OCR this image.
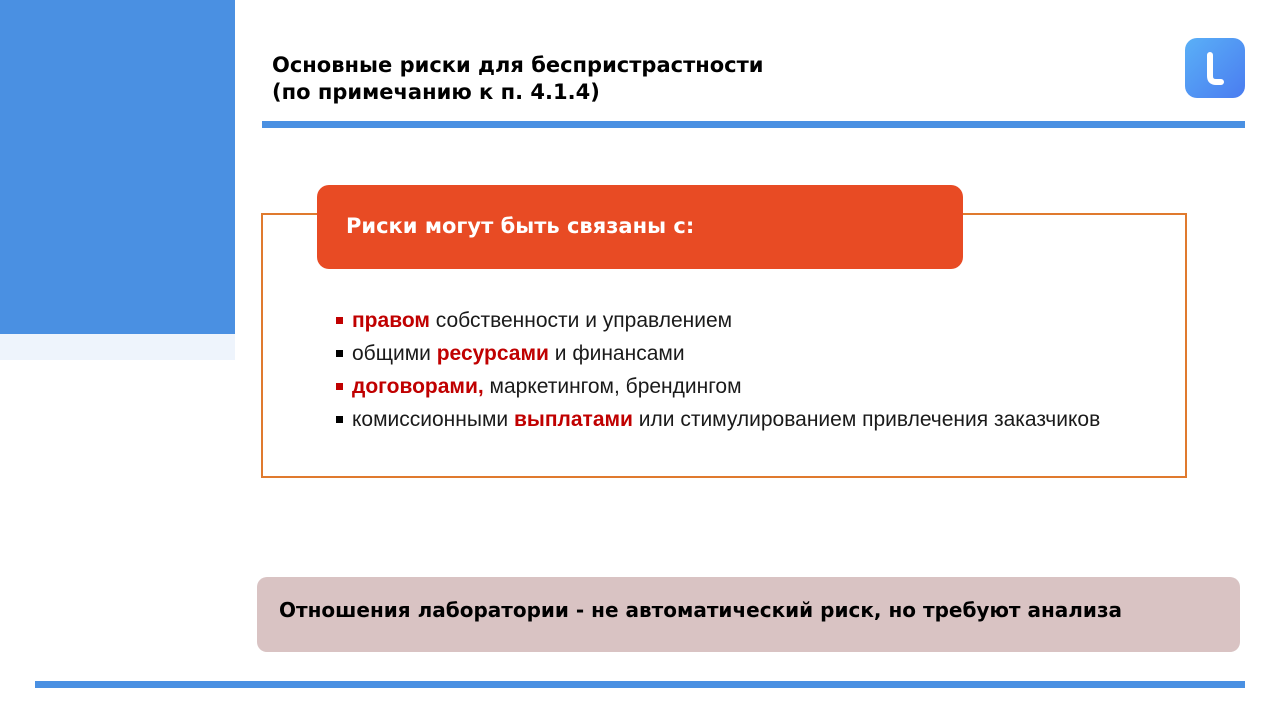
Основные риски для беспристрастности
(по примечанию к п. 4.1.4)
Риски могут быть связаны с:
правом собственности и управлением
общими ресурсами и финансами
договорами, маркетингом, брендингом
комиссионными выплатами или стимулированием привлечения заказчиков
Отношения лаборатории - не автоматический риск, но требуют анализа
